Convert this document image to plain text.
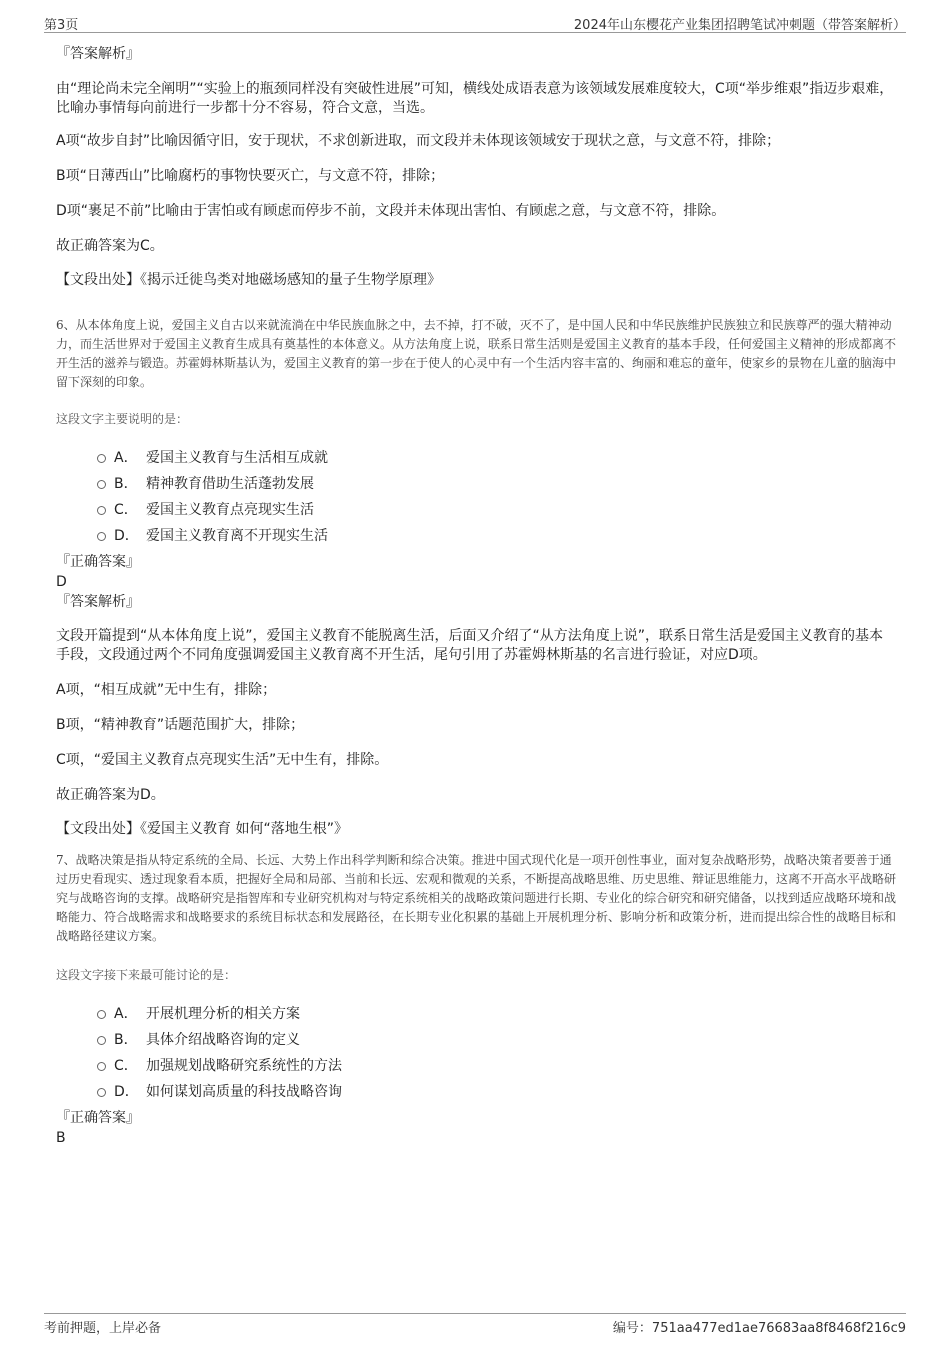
第3页	2024年山东樱花产业集团招聘笔试冲刺题（带答案解析）
『答案解析』

由“理论尚未完全阐明”“实验上的瓶颈同样没有突破性进展”可知，横线处成语表意为该领域发展难度较大，C项“举步维艰”指迈步艰难，比喻办事情每向前进行一步都十分不容易，符合文意，当选。

A项“故步自封”比喻因循守旧，安于现状，不求创新进取，而文段并未体现该领域安于现状之意，与文意不符，排除；

B项“日薄西山”比喻腐朽的事物快要灭亡，与文意不符，排除；

D项“裹足不前”比喻由于害怕或有顾虑而停步不前，文段并未体现出害怕、有顾虑之意，与文意不符，排除。

故正确答案为C。

【文段出处】《揭示迁徙鸟类对地磁场感知的量子生物学原理》

6、从本体角度上说，爱国主义自古以来就流淌在中华民族血脉之中，去不掉，打不破，灭不了，是中国人民和中华民族维护民族独立和民族尊严的强大精神动力，而生活世界对于爱国主义教育生成具有奠基性的本体意义。从方法角度上说，联系日常生活则是爱国主义教育的基本手段，任何爱国主义精神的形成都离不开生活的滋养与锻造。苏霍姆林斯基认为，爱国主义教育的第一步在于使人的心灵中有一个生活内容丰富的、绚丽和难忘的童年，使家乡的景物在儿童的脑海中留下深刻的印象。

这段文字主要说明的是：

A． 爱国主义教育与生活相互成就
B． 精神教育借助生活蓬勃发展
C． 爱国主义教育点亮现实生活
D． 爱国主义教育离不开现实生活
『正确答案』
D
『答案解析』

文段开篇提到“从本体角度上说”，爱国主义教育不能脱离生活，后面又介绍了“从方法角度上说”，联系日常生活是爱国主义教育的基本手段，文段通过两个不同角度强调爱国主义教育离不开生活，尾句引用了苏霍姆林斯基的名言进行验证，对应D项。

A项，“相互成就”无中生有，排除；

B项，“精神教育”话题范围扩大，排除；

C项，“爱国主义教育点亮现实生活”无中生有，排除。

故正确答案为D。

【文段出处】《爱国主义教育 如何“落地生根”》

7、战略决策是指从特定系统的全局、长远、大势上作出科学判断和综合决策。推进中国式现代化是一项开创性事业，面对复杂战略形势，战略决策者要善于通过历史看现实、透过现象看本质，把握好全局和局部、当前和长远、宏观和微观的关系，不断提高战略思维、历史思维、辩证思维能力，这离不开高水平战略研究与战略咨询的支撑。战略研究是指智库和专业研究机构对与特定系统相关的战略政策问题进行长期、专业化的综合研究和研究储备，以找到适应战略环境和战略能力、符合战略需求和战略要求的系统目标状态和发展路径，在长期专业化积累的基础上开展机理分析、影响分析和政策分析，进而提出综合性的战略目标和战略路径建议方案。

这段文字接下来最可能讨论的是：

A． 开展机理分析的相关方案
B． 具体介绍战略咨询的定义
C． 加强规划战略研究系统性的方法
D． 如何谋划高质量的科技战略咨询
『正确答案』
B
考前押题，上岸必备	编号：751aa477ed1ae76683aa8f8468f216c9
